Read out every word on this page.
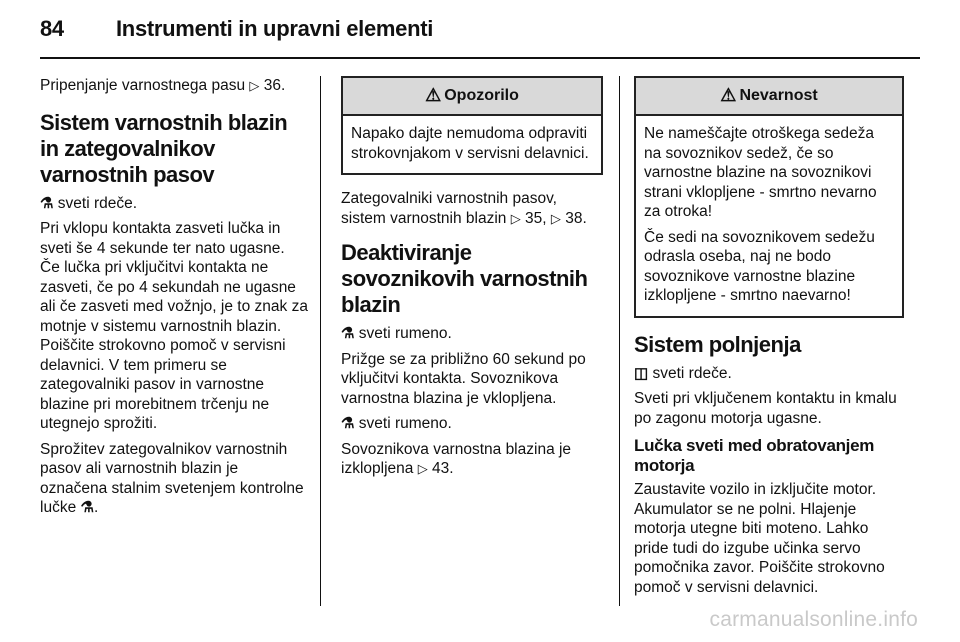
84 Instrumenti in upravni elementi

Pripenjanje varnostnega pasu ▷ 36.

Sistem varnostnih blazin in zategovalnikov varnostnih pasov

⚗ sveti rdeče.

Pri vklopu kontakta zasveti lučka in sveti še 4 sekunde ter nato ugasne. Če lučka pri vključitvi kontakta ne zasveti, če po 4 sekundah ne ugasne ali če zasveti med vožnjo, je to znak za motnje v sistemu varnostnih blazin. Poiščite strokovno pomoč v servisni delavnici. V tem primeru se zategovalniki pasov in varnostne blazine pri morebitnem trčenju ne utegnejo sprožiti.

Sprožitev zategovalnikov varnostnih pasov ali varnostnih blazin je označena stalnim svetenjem kontrolne lučke ⚗.

⚠ Opozorilo

Napako dajte nemudoma odpraviti strokovnjakom v servisni delavnici.

Zategovalniki varnostnih pasov, sistem varnostnih blazin ▷ 35, ▷ 38.

Deaktiviranje sovoznikovih varnostnih blazin

⚗ sveti rumeno.

Prižge se za približno 60 sekund po vključitvi kontakta. Sovoznikova varnostna blazina je vklopljena.

⚗ sveti rumeno.

Sovoznikova varnostna blazina je izklopljena ▷ 43.

⚠ Nevarnost

Ne nameščajte otroškega sedeža na sovoznikov sedež, če so varnostne blazine na sovoznikovi strani vklopljene - smrtno nevarno za otroka!

Če sedi na sovoznikovem sedežu odrasla oseba, naj ne bodo sovoznikove varnostne blazine izklopljene - smrtno naevarno!

Sistem polnjenja

◫ sveti rdeče.

Sveti pri vključenem kontaktu in kmalu po zagonu motorja ugasne.

Lučka sveti med obratovanjem motorja

Zaustavite vozilo in izključite motor. Akumulator se ne polni. Hlajenje motorja utegne biti moteno. Lahko pride tudi do izgube učinka servo pomočnika zavor. Poiščite strokovno pomoč v servisni delavnici.

carmanualsonline.info
